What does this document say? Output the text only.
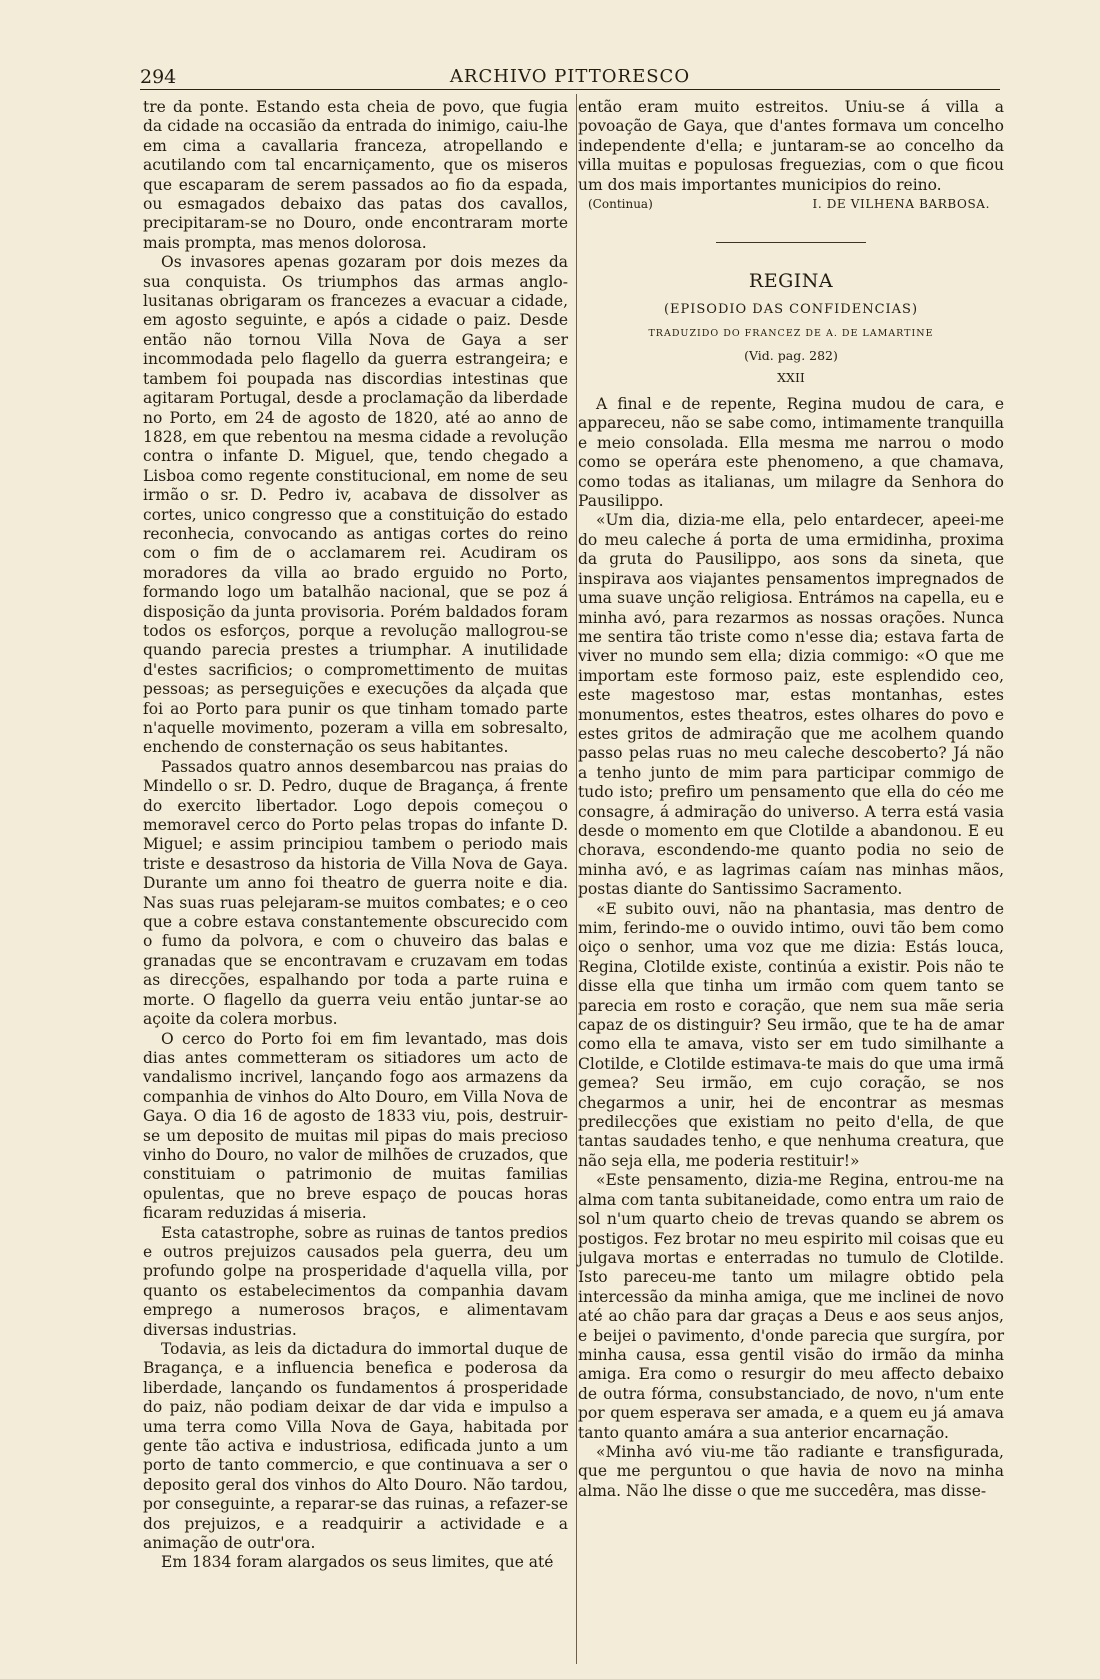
294	ARCHIVO PITTORESCO

tre da ponte. Estando esta cheia de povo, que fugia da cidade na occasião da entrada do inimigo, caiu-lhe em cima a cavallaria franceza, atropellando e acutilando com tal encarniçamento, que os miseros que escaparam de serem passados ao fio da espada, ou esmagados debaixo das patas dos cavallos, precipitaram-se no Douro, onde encontraram morte mais prompta, mas menos dolorosa.

Os invasores apenas gozaram por dois mezes da sua conquista. Os triumphos das armas anglo-lusitanas obrigaram os francezes a evacuar a cidade, em agosto seguinte, e após a cidade o paiz. Desde então não tornou Villa Nova de Gaya a ser incommodada pelo flagello da guerra estrangeira; e tambem foi poupada nas discordias intestinas que agitaram Portugal, desde a proclamação da liberdade no Porto, em 24 de agosto de 1820, até ao anno de 1828, em que rebentou na mesma cidade a revolução contra o infante D. Miguel, que, tendo chegado a Lisboa como regente constitucional, em nome de seu irmão o sr. D. Pedro iv, acabava de dissolver as cortes, unico congresso que a constituição do estado reconhecia, convocando as antigas cortes do reino com o fim de o acclamarem rei. Acudiram os moradores da villa ao brado erguido no Porto, formando logo um batalhão nacional, que se poz á disposição da junta provisoria. Porém baldados foram todos os esforços, porque a revolução mallogrou-se quando parecia prestes a triumphar. A inutilidade d'estes sacrificios; o compromettimento de muitas pessoas; as perseguições e execuções da alçada que foi ao Porto para punir os que tinham tomado parte n'aquelle movimento, pozeram a villa em sobresalto, enchendo de consternação os seus habitantes.

Passados quatro annos desembarcou nas praias do Mindello o sr. D. Pedro, duque de Bragança, á frente do exercito libertador. Logo depois começou o memoravel cerco do Porto pelas tropas do infante D. Miguel; e assim principiou tambem o periodo mais triste e desastroso da historia de Villa Nova de Gaya. Durante um anno foi theatro de guerra noite e dia. Nas suas ruas pelejaram-se muitos combates; e o ceo que a cobre estava constantemente obscurecido com o fumo da polvora, e com o chuveiro das balas e granadas que se encontravam e cruzavam em todas as direcções, espalhando por toda a parte ruina e morte. O flagello da guerra veiu então juntar-se ao açoite da colera morbus.

O cerco do Porto foi em fim levantado, mas dois dias antes commetteram os sitiadores um acto de vandalismo incrivel, lançando fogo aos armazens da companhia de vinhos do Alto Douro, em Villa Nova de Gaya. O dia 16 de agosto de 1833 viu, pois, destruir-se um deposito de muitas mil pipas do mais precioso vinho do Douro, no valor de milhões de cruzados, que constituiam o patrimonio de muitas familias opulentas, que no breve espaço de poucas horas ficaram reduzidas á miseria.

Esta catastrophe, sobre as ruinas de tantos predios e outros prejuizos causados pela guerra, deu um profundo golpe na prosperidade d'aquella villa, por quanto os estabelecimentos da companhia davam emprego a numerosos braços, e alimentavam diversas industrias.

Todavia, as leis da dictadura do immortal duque de Bragança, e a influencia benefica e poderosa da liberdade, lançando os fundamentos á prosperidade do paiz, não podiam deixar de dar vida e impulso a uma terra como Villa Nova de Gaya, habitada por gente tão activa e industriosa, edificada junto a um porto de tanto commercio, e que continuava a ser o deposito geral dos vinhos do Alto Douro. Não tardou, por conseguinte, a reparar-se das ruinas, a refazer-se dos prejuizos, e a readquirir a actividade e a animação de outr'ora.

Em 1834 foram alargados os seus limites, que até

então eram muito estreitos. Uniu-se á villa a povoação de Gaya, que d'antes formava um concelho independente d'ella; e juntaram-se ao concelho da villa muitas e populosas freguezias, com o que ficou um dos mais importantes municipios do reino.

(Continua)	I. DE VILHENA BARBOSA.
REGINA
(EPISODIO DAS CONFIDENCIAS)
TRADUZIDO DO FRANCEZ DE A. DE LAMARTINE
(Vid. pag. 282)
XXII

A final e de repente, Regina mudou de cara, e appareceu, não se sabe como, intimamente tranquilla e meio consolada. Ella mesma me narrou o modo como se operára este phenomeno, a que chamava, como todas as italianas, um milagre da Senhora do Pausilippo.

«Um dia, dizia-me ella, pelo entardecer, apeei-me do meu caleche á porta de uma ermidinha, proxima da gruta do Pausilippo, aos sons da sineta, que inspirava aos viajantes pensamentos impregnados de uma suave unção religiosa. Entrámos na capella, eu e minha avó, para rezarmos as nossas orações. Nunca me sentira tão triste como n'esse dia; estava farta de viver no mundo sem ella; dizia commigo: «O que me importam este formoso paiz, este esplendido ceo, este magestoso mar, estas montanhas, estes monumentos, estes theatros, estes olhares do povo e estes gritos de admiração que me acolhem quando passo pelas ruas no meu caleche descoberto? Já não a tenho junto de mim para participar commigo de tudo isto; prefiro um pensamento que ella do céo me consagre, á admiração do universo. A terra está vasia desde o momento em que Clotilde a abandonou. E eu chorava, escondendo-me quanto podia no seio de minha avó, e as lagrimas caíam nas minhas mãos, postas diante do Santissimo Sacramento.

«E subito ouvi, não na phantasia, mas dentro de mim, ferindo-me o ouvido intimo, ouvi tão bem como oiço o senhor, uma voz que me dizia: Estás louca, Regina, Clotilde existe, continúa a existir. Pois não te disse ella que tinha um irmão com quem tanto se parecia em rosto e coração, que nem sua mãe seria capaz de os distinguir? Seu irmão, que te ha de amar como ella te amava, visto ser em tudo similhante a Clotilde, e Clotilde estimava-te mais do que uma irmã gemea? Seu irmão, em cujo coração, se nos chegarmos a unir, hei de encontrar as mesmas predilecções que existiam no peito d'ella, de que tantas saudades tenho, e que nenhuma creatura, que não seja ella, me poderia restituir!»

«Este pensamento, dizia-me Regina, entrou-me na alma com tanta subitaneidade, como entra um raio de sol n'um quarto cheio de trevas quando se abrem os postigos. Fez brotar no meu espirito mil coisas que eu julgava mortas e enterradas no tumulo de Clotilde. Isto pareceu-me tanto um milagre obtido pela intercessão da minha amiga, que me inclinei de novo até ao chão para dar graças a Deus e aos seus anjos, e beijei o pavimento, d'onde parecia que surgíra, por minha causa, essa gentil visão do irmão da minha amiga. Era como o resurgir do meu affecto debaixo de outra fórma, consubstanciado, de novo, n'um ente por quem esperava ser amada, e a quem eu já amava tanto quanto amára a sua anterior encarnação.

«Minha avó viu-me tão radiante e transfigurada, que me perguntou o que havia de novo na minha alma. Não lhe disse o que me succedêra, mas disse-
